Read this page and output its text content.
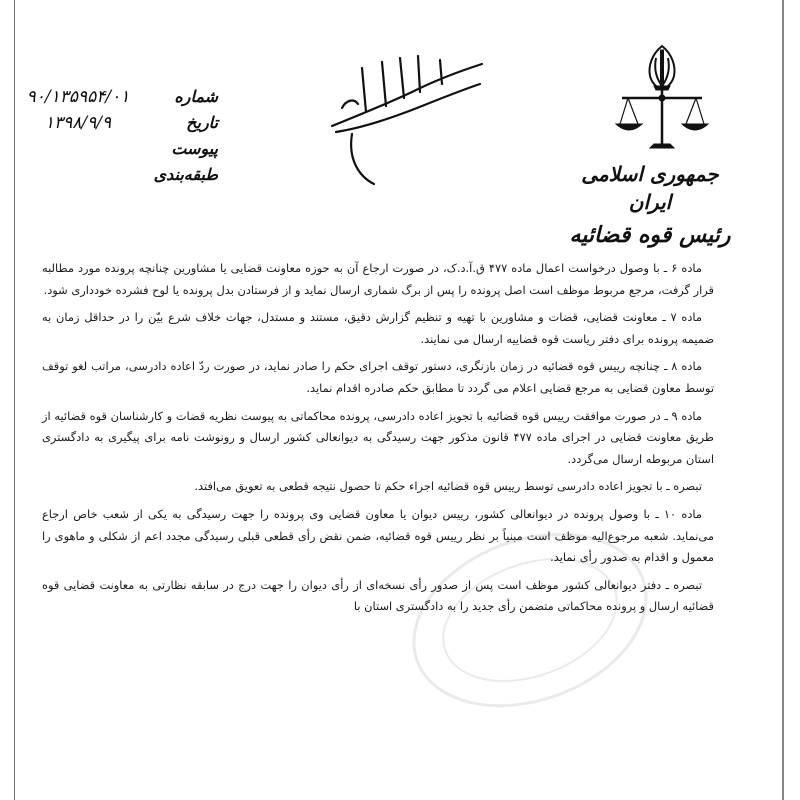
جمهوری اسلامی ایران
رئیس قوه قضائیه
شماره
تاریخ
پیوست
طبقه‌بندی
۹۰/۱۳۵۹۵۴/۰۱
۱۳۹۸/۹/۹

ماده ۶ ـ با وصول درخواست اعمال ماده ۴۷۷ ق.آ.د.ک، در صورت ارجاع آن به حوزه معاونت قضایی یا مشاورین چنانچه پرونده مورد مطالبه قرار گرفت، مرجع مربوط موظف است اصل پرونده را پس از برگ شماری ارسال نماید و از فرستادن بدل پرونده یا لوح فشرده خودداری شود.

ماده ۷ ـ معاونت قضایی، قضات و مشاورین با تهیه و تنظیم گزارش دقیق، مستند و مستدل، جهات خلاف شرع بیّن را در حداقل زمان به ضمیمه پرونده برای دفتر ریاست قوه قضاییه ارسال می نمایند.

ماده ۸ ـ چنانچه رییس قوه قضائیه در زمان بازنگری، دستور توقف اجرای حکم را صادر نماید، در صورت ردّ اعاده دادرسی، مراتب لغو توقف توسط معاون قضایی به مرجع قضایی اعلام می گردد تا مطابق حکم صادره اقدام نماید.

ماده ۹ ـ در صورت موافقت رییس قوه قضائیه با تجویز اعاده دادرسی، پرونده محاکماتی به پیوست نظریه قضات و کارشناسان قوه قضائیه از طریق معاونت قضایی در اجرای ماده ۴۷۷ قانون مذکور جهت رسیدگی به دیوانعالی کشور ارسال و رونوشت نامه برای پیگیری به دادگستری استان مربوطه ارسال می‌گردد.

تبصره ـ با تجویز اعاده دادرسی توسط رییس قوه قضائیه اجراء حکم تا حصول نتیجه قطعی به تعویق می‌افتد.

ماده ۱۰ ـ با وصول پرونده در دیوانعالی کشور، رییس دیوان یا معاون قضایی وی پرونده را جهت رسیدگی به یکی از شعب خاص ارجاع می‌نماید. شعبه مرجوع‌الیه موظف است مبنیاً بر نظر رییس قوه قضائیه، ضمن نقض رأی قطعی قبلی رسیدگی مجدد اعم از شکلی و ماهوی را معمول و اقدام به صدور رأی نماید.

تبصره ـ دفتر دیوانعالی کشور موظف است پس از صدور رأی نسخه‌ای از رأی دیوان را جهت درج در سابقه نظارتی به معاونت قضایی قوه قضائیه ارسال و پرونده محاکماتی متضمن رأی جدید را به دادگستری استان با
